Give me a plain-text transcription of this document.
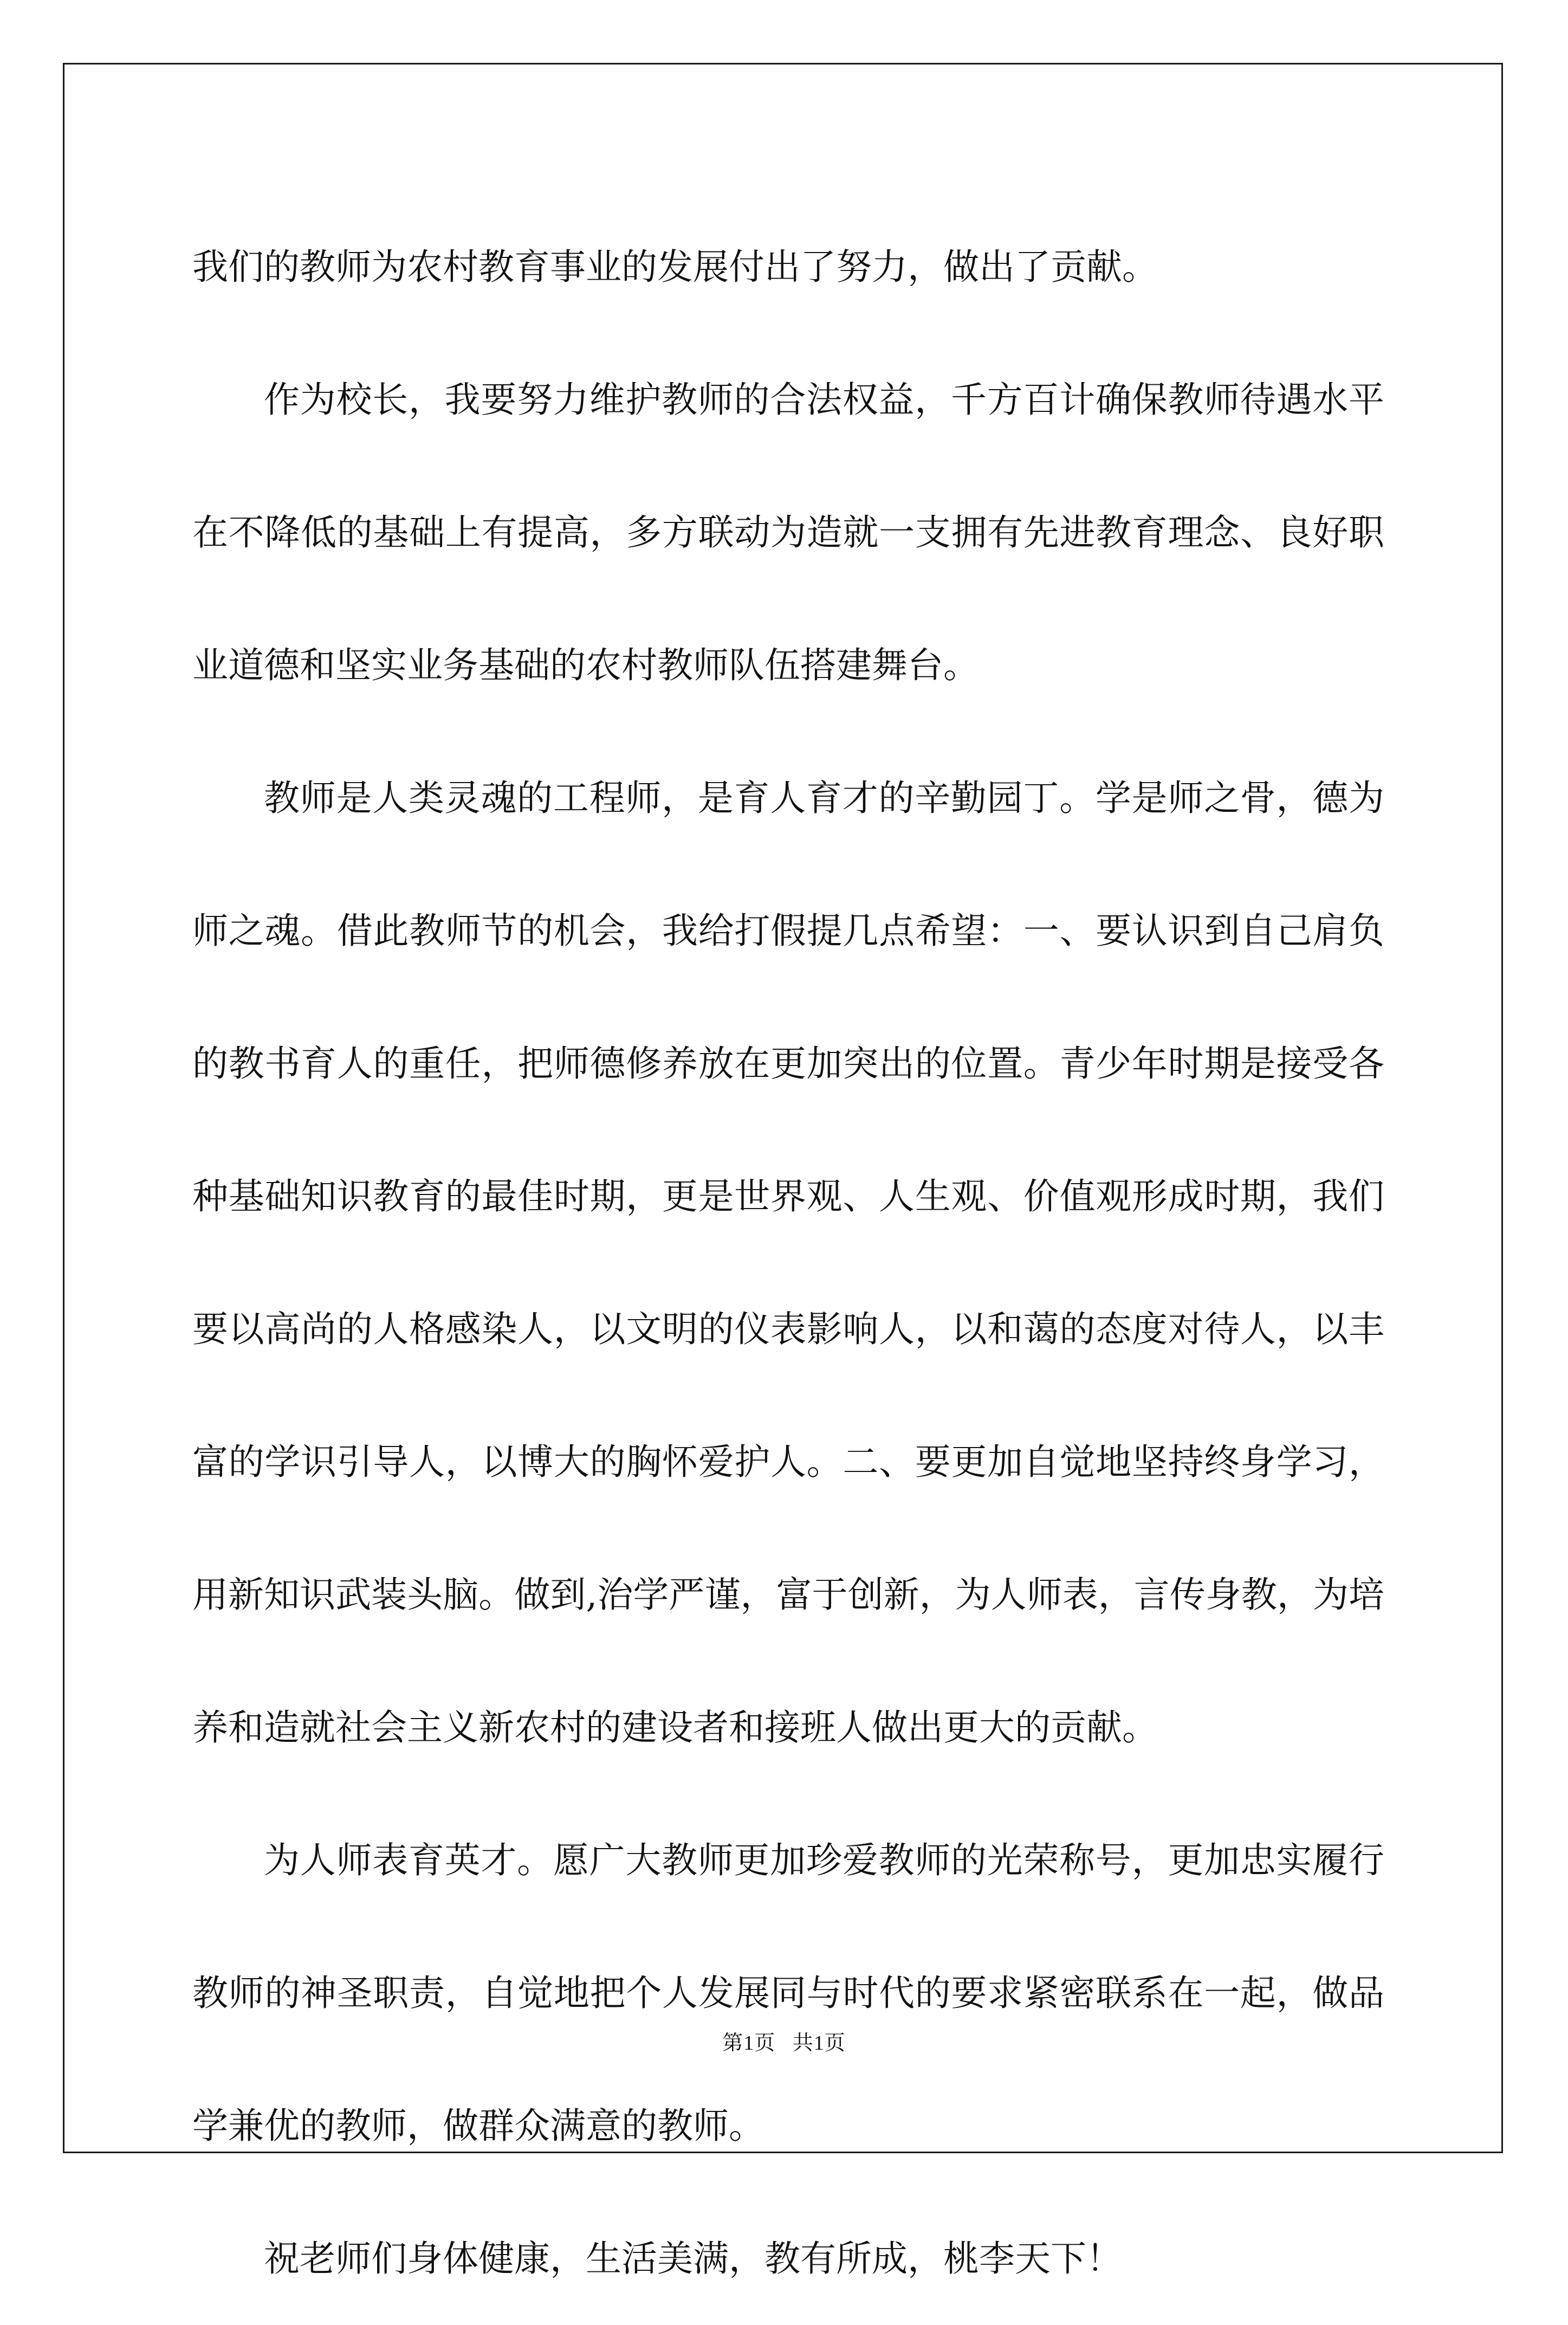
我们的教师为农村教育事业的发展付出了努力，做出了贡献。

作为校长，我要努力维护教师的合法权益，千方百计确保教师待遇水平在不降低的基础上有提高，多方联动为造就一支拥有先进教育理念、良好职业道德和坚实业务基础的农村教师队伍搭建舞台。

教师是人类灵魂的工程师，是育人育才的辛勤园丁。学是师之骨，德为师之魂。借此教师节的机会，我给打假提几点希望：一、要认识到自己肩负的教书育人的重任，把师德修养放在更加突出的位置。青少年时期是接受各种基础知识教育的最佳时期，更是世界观、人生观、价值观形成时期，我们要以高尚的人格感染人，以文明的仪表影响人，以和蔼的态度对待人，以丰富的学识引导人，以博大的胸怀爱护人。二、要更加自觉地坚持终身学习，用新知识武装头脑。做到,治学严谨，富于创新，为人师表，言传身教，为培养和造就社会主义新农村的建设者和接班人做出更大的贡献。

为人师表育英才。愿广大教师更加珍爱教师的光荣称号，更加忠实履行教师的神圣职责，自觉地把个人发展同与时代的要求紧密联系在一起，做品学兼优的教师，做群众满意的教师。

祝老师们身体健康，生活美满，教有所成，桃李天下！

第1页 共1页
